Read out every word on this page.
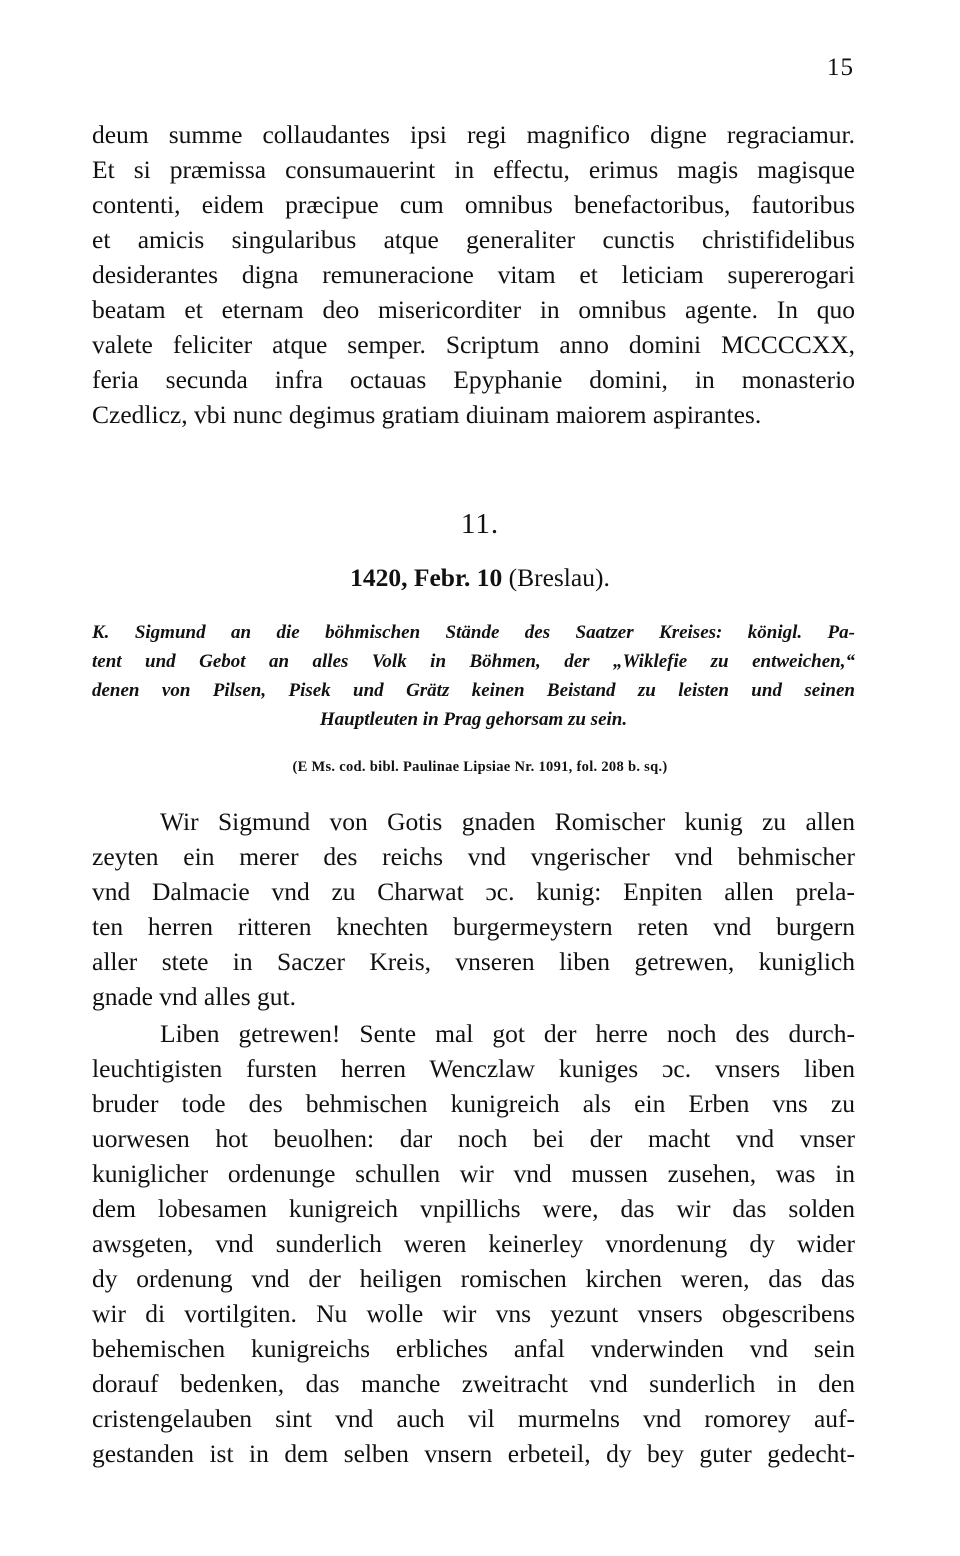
15
deum summe collaudantes ipsi regi magnifico digne regraciamur.
Et si præmissa consumauerint in effectu, erimus magis magisque
contenti, eidem præcipue cum omnibus benefactoribus, fautoribus
et amicis singularibus atque generaliter cunctis christifidelibus
desiderantes digna remuneracione vitam et leticiam supererogari
beatam et eternam deo misericorditer in omnibus agente. In quo
valete feliciter atque semper. Scriptum anno domini MCCCCXX,
feria secunda infra octauas Epyphanie domini, in monasterio
Czedlicz, vbi nunc degimus gratiam diuinam maiorem aspirantes.
11.
1420, Febr. 10 (Breslau).
K. Sigmund an die böhmischen Stände des Saatzer Kreises: königl. Pa-
tent und Gebot an alles Volk in Böhmen, der „Wiklefie zu entweichen,“
denen von Pilsen, Pisek und Grätz keinen Beistand zu leisten und seinen
Hauptleuten in Prag gehorsam zu sein.
(E Ms. cod. bibl. Paulinae Lipsiae Nr. 1091, fol. 208 b. sq.)
Wir Sigmund von Gotis gnaden Romischer kunig zu allen
zeyten ein merer des reichs vnd vngerischer vnd behmischer
vnd Dalmacie vnd zu Charwat ɔc. kunig: Enpiten allen prela-
ten herren ritteren knechten burgermeystern reten vnd burgern
aller stete in Saczer Kreis, vnseren liben getrewen, kuniglich
gnade vnd alles gut.
Liben getrewen! Sente mal got der herre noch des durch-
leuchtigisten fursten herren Wenczlaw kuniges ɔc. vnsers liben
bruder tode des behmischen kunigreich als ein Erben vns zu
uorwesen hot beuolhen: dar noch bei der macht vnd vnser
kuniglicher ordenunge schullen wir vnd mussen zusehen, was in
dem lobesamen kunigreich vnpillichs were, das wir das solden
awsgeten, vnd sunderlich weren keinerley vnordenung dy wider
dy ordenung vnd der heiligen romischen kirchen weren, das das
wir di vortilgiten. Nu wolle wir vns yezunt vnsers obgescribens
behemischen kunigreichs erbliches anfal vnderwinden vnd sein
dorauf bedenken, das manche zweitracht vnd sunderlich in den
cristengelauben sint vnd auch vil murmelns vnd romorey auf-
gestanden ist in dem selben vnsern erbeteil, dy bey guter gedecht-
